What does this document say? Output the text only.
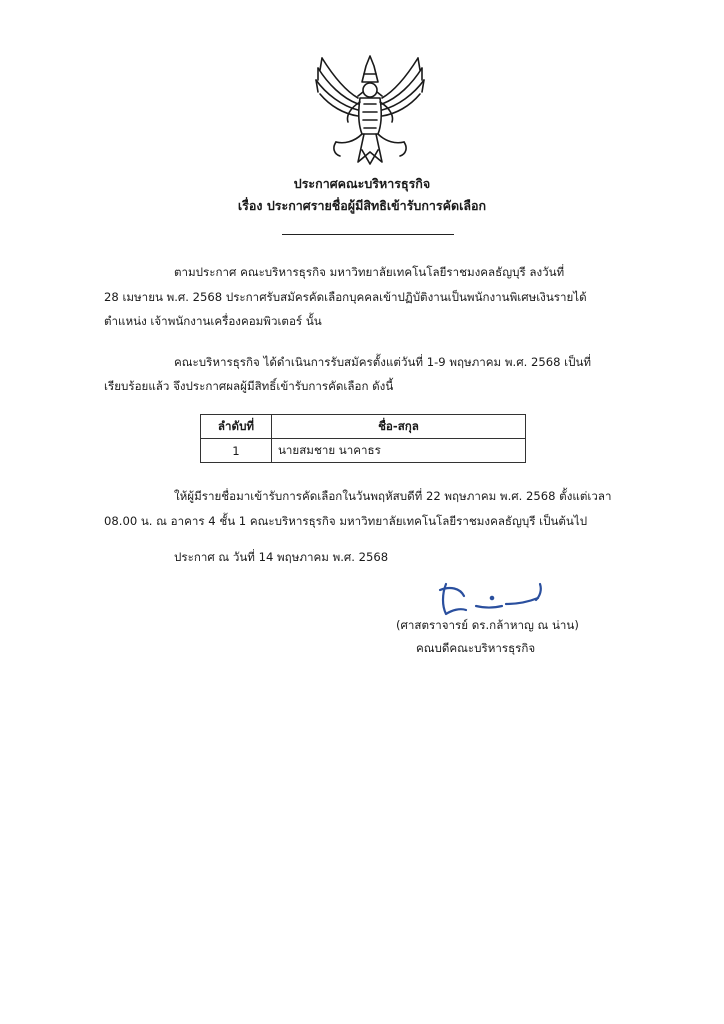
ประกาศคณะบริหารธุรกิจ
เรื่อง ประกาศรายชื่อผู้มีสิทธิเข้ารับการคัดเลือก
ตามประกาศ คณะบริหารธุรกิจ มหาวิทยาลัยเทคโนโลยีราชมงคลธัญบุรี ลงวันที่
28 เมษายน พ.ศ. 2568 ประกาศรับสมัครคัดเลือกบุคคลเข้าปฏิบัติงานเป็นพนักงานพิเศษเงินรายได้
ตำแหน่ง เจ้าพนักงานเครื่องคอมพิวเตอร์ นั้น
คณะบริหารธุรกิจ ได้ดำเนินการรับสมัครตั้งแต่วันที่ 1-9 พฤษภาคม พ.ศ. 2568 เป็นที่
เรียบร้อยแล้ว จึงประกาศผลผู้มีสิทธิ์เข้ารับการคัดเลือก ดังนี้
ลำดับที่	ชื่อ-สกุล
1	นายสมชาย นาคาธร
ให้ผู้มีรายชื่อมาเข้ารับการคัดเลือกในวันพฤหัสบดีที่ 22 พฤษภาคม พ.ศ. 2568 ตั้งแต่เวลา
08.00 น. ณ อาคาร 4 ชั้น 1 คณะบริหารธุรกิจ มหาวิทยาลัยเทคโนโลยีราชมงคลธัญบุรี เป็นต้นไป
ประกาศ ณ วันที่ 14 พฤษภาคม พ.ศ. 2568
(ศาสตราจารย์ ดร.กล้าหาญ ณ น่าน)
คณบดีคณะบริหารธุรกิจ
